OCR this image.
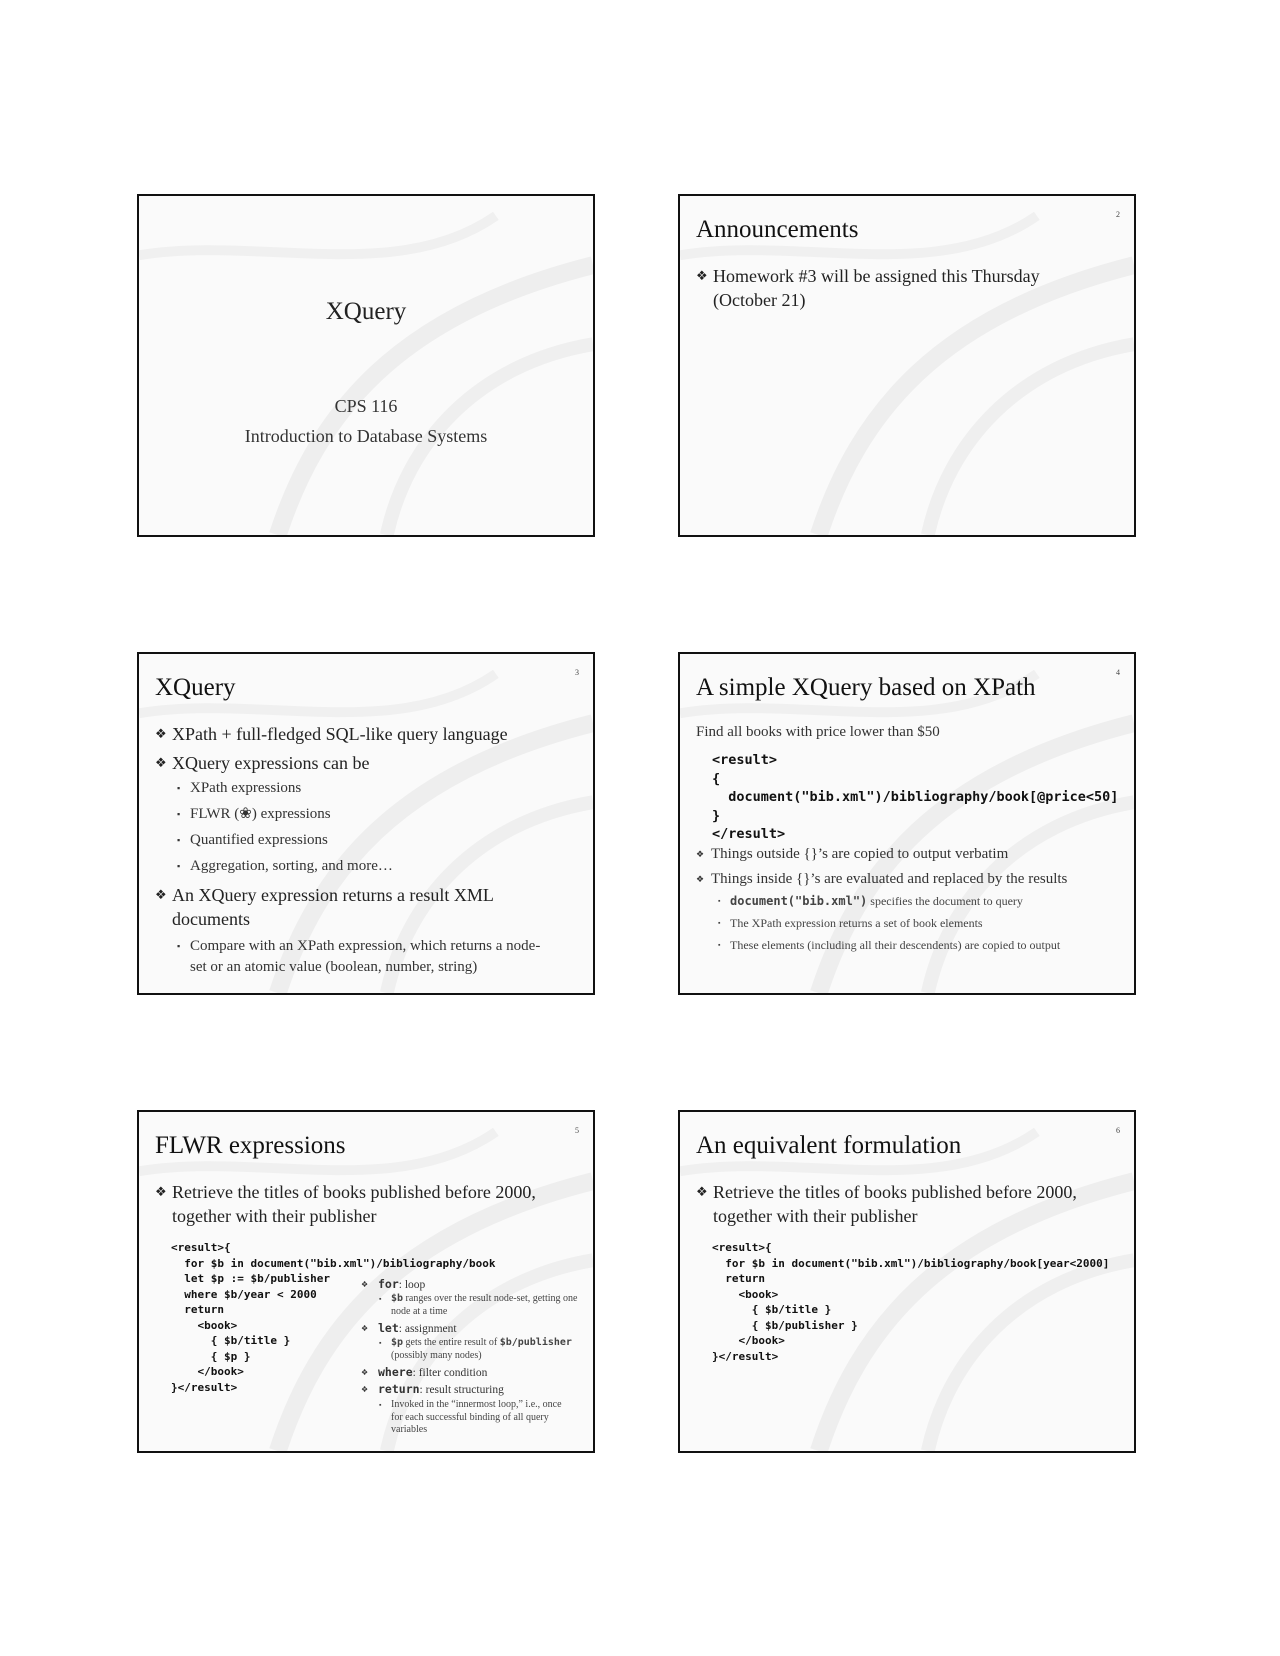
XQuery
CPS 116
Introduction to Database Systems
2
Announcements
❖ Homework #3 will be assigned this Thursday (October 21)
3
XQuery
❖ XPath + full-fledged SQL-like query language
❖ XQuery expressions can be
▪ XPath expressions
▪ FLWR (❀) expressions
▪ Quantified expressions
▪ Aggregation, sorting, and more…
❖ An XQuery expression returns a result XML documents
▪ Compare with an XPath expression, which returns a node-set or an atomic value (boolean, number, string)
4
A simple XQuery based on XPath
Find all books with price lower than $50
<result>
{
document("bib.xml")/bibliography/book[@price<50]
}
</result>
❖ Things outside {}’s are copied to output verbatim
❖ Things inside {}’s are evaluated and replaced by the results
▪ document("bib.xml") specifies the document to query
▪ The XPath expression returns a set of book elements
▪ These elements (including all their descendents) are copied to output
5
FLWR expressions
❖ Retrieve the titles of books published before 2000, together with their publisher
<result>{
for $b in document("bib.xml")/bibliography/book
let $p := $b/publisher
where $b/year < 2000
return
<book>
{ $b/title }
{ $p }
</book>
}</result>
❖ for: loop
▪ $b ranges over the result node-set, getting one node at a time
❖ let: assignment
▪ $p gets the entire result of $b/publisher (possibly many nodes)
❖ where: filter condition
❖ return: result structuring
▪ Invoked in the “innermost loop,” i.e., once for each successful binding of all query variables
6
An equivalent formulation
❖ Retrieve the titles of books published before 2000, together with their publisher
<result>{
for $b in document("bib.xml")/bibliography/book[year<2000]
return
<book>
{ $b/title }
{ $b/publisher }
</book>
}</result>
